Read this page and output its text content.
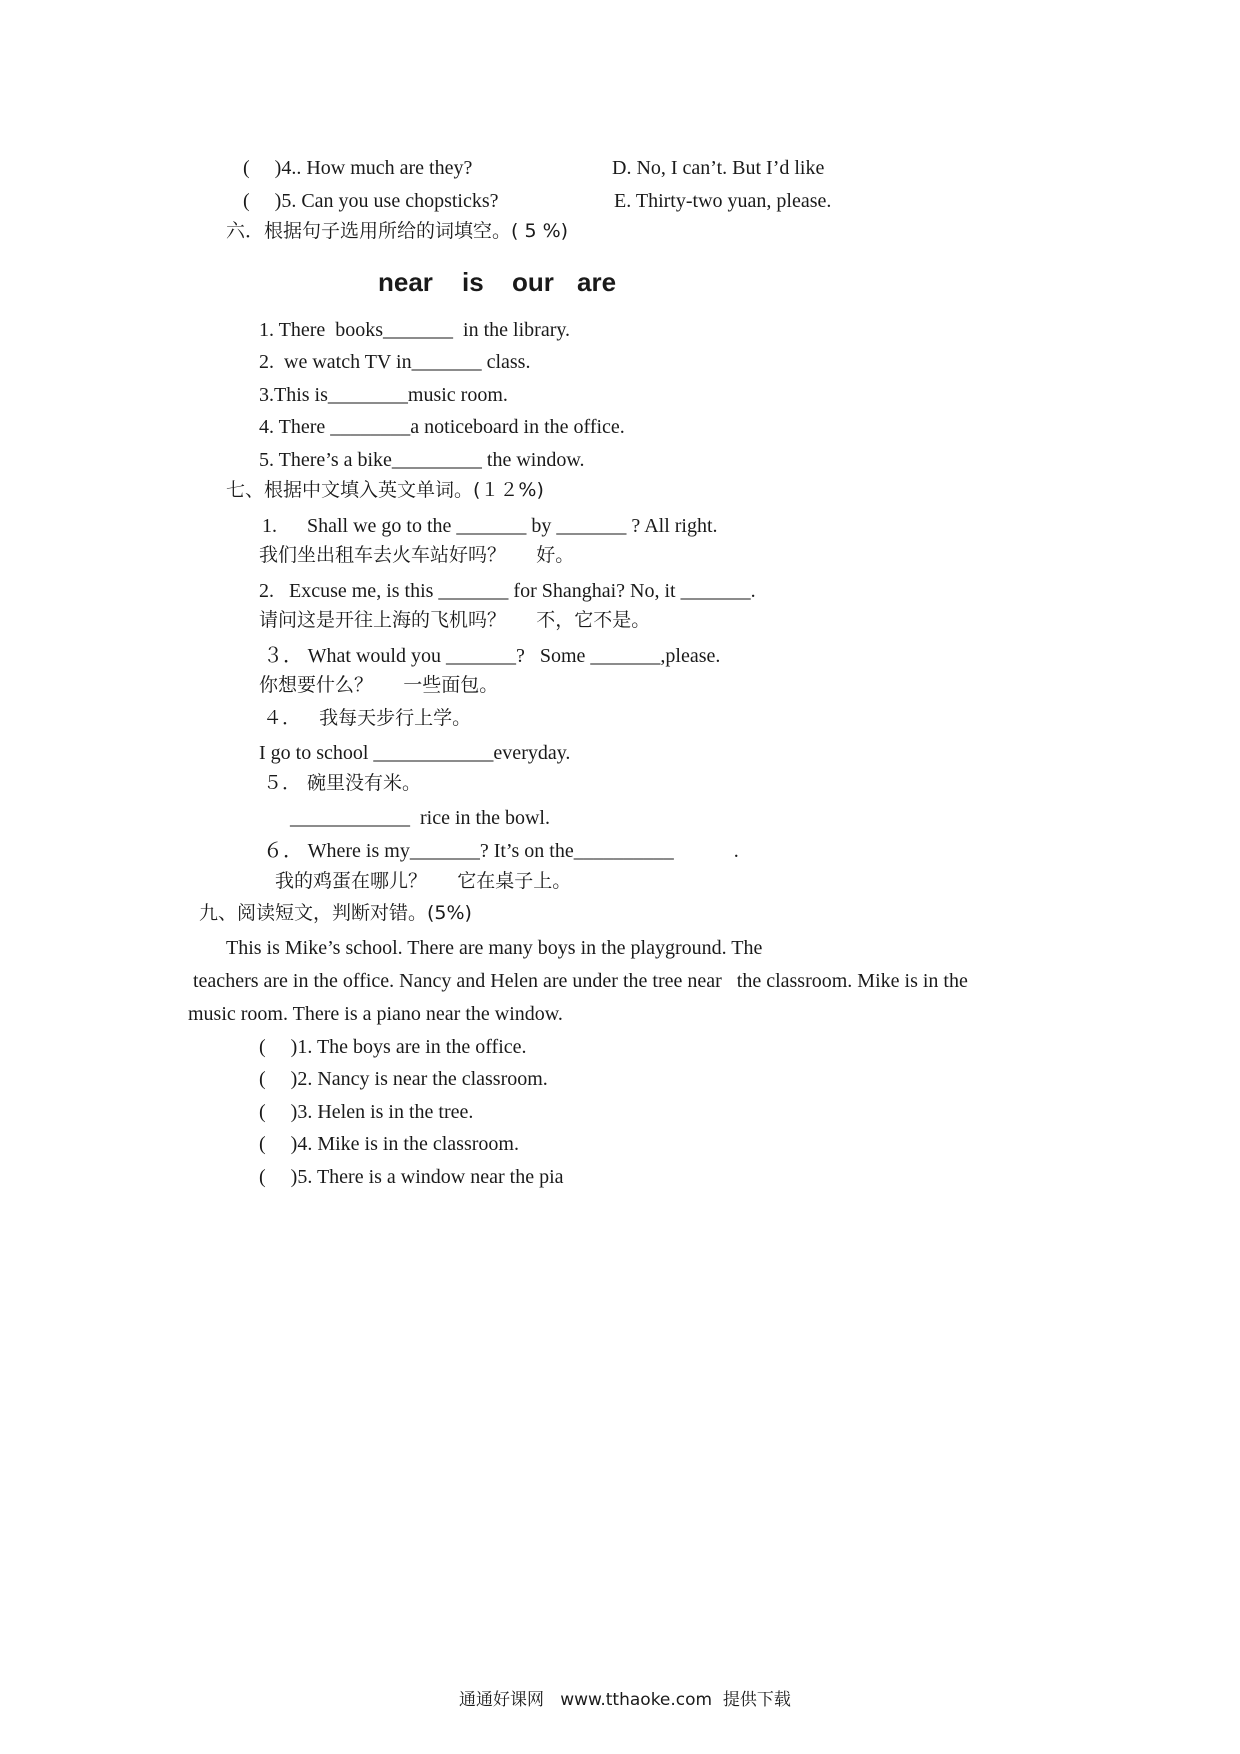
(     )4.. How much are they?	D. No, I can’t. But I’d like
(     )5. Can you use chopsticks?	E. Thirty-two yuan, please.
六．根据句子选用所给的词填空。( 5 %)
near is our are
1. There  books_______  in the library.
2.  we watch TV in_______ class.
3.This is________music room.
4. There ________a noticeboard in the office.
5. There’s a bike_________ the window.
七、根据中文填入英文单词。(１２%)
1.      Shall we go to the _______ by _______ ? All right.
我们坐出租车去火车站好吗？     好。
2.   Excuse me, is this _______ for Shanghai? No, it _______.
请问这是开往上海的飞机吗？     不，它不是。
３． What would you _______?   Some _______,please.
你想要什么？     一些面包。
４．   我每天步行上学。
I go to school ____________everyday.
５． 碗里没有米。
____________  rice in the bowl.
６． Where is my_______? It’s on the__________            .
我的鸡蛋在哪儿？     它在桌子上。
九、阅读短文，判断对错。(5%)
This is Mike’s school. There are many boys in the playground. The
teachers are in the office. Nancy and Helen are under the tree near   the classroom. Mike is in the
music room. There is a piano near the window.
(     )1. The boys are in the office.
(     )2. Nancy is near the classroom.
(     )3. Helen is in the tree.
(     )4. Mike is in the classroom.
(     )5. There is a window near the pia
通通好课网   www.tthaoke.com  提供下载
